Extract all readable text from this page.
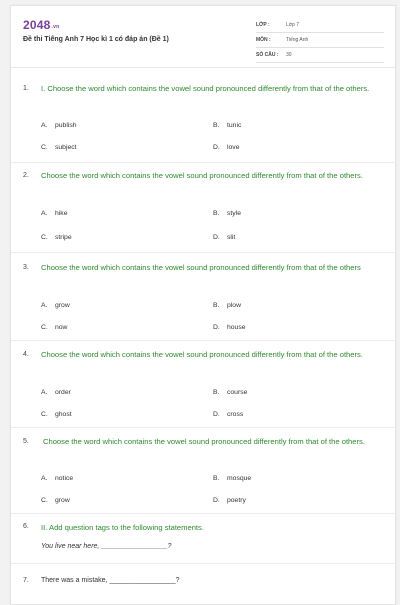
2048.vn
Đề thi Tiếng Anh 7 Học kì 1 có đáp án (Đề 1)
LỚP :	Lớp 7
MÔN :	Tiếng Anh
SỐ CÂU : 30
1. I. Choose the word which contains the vowel sound pronounced differently from that of the others.
A. publish	B. tunic
C. subject	D. love
2. Choose the word which contains the vowel sound pronounced differently from that of the others.
A. hike	B. style
C. stripe	D. slit
3. Choose the word which contains the vowel sound pronounced differently from that of the others
A. grow	B. plow
C. now	D. house
4. Choose the word which contains the vowel sound pronounced differently from that of the others.
A. order	B. course
C. ghost	D. cross
5. Choose the word which contains the vowel sound pronounced differently from that of the others.
A. notice	B. mosque
C. grow	D. poetry
6. II. Add question tags to the following statements.
You live near here, _________________?
7. There was a mistake, _________________?
